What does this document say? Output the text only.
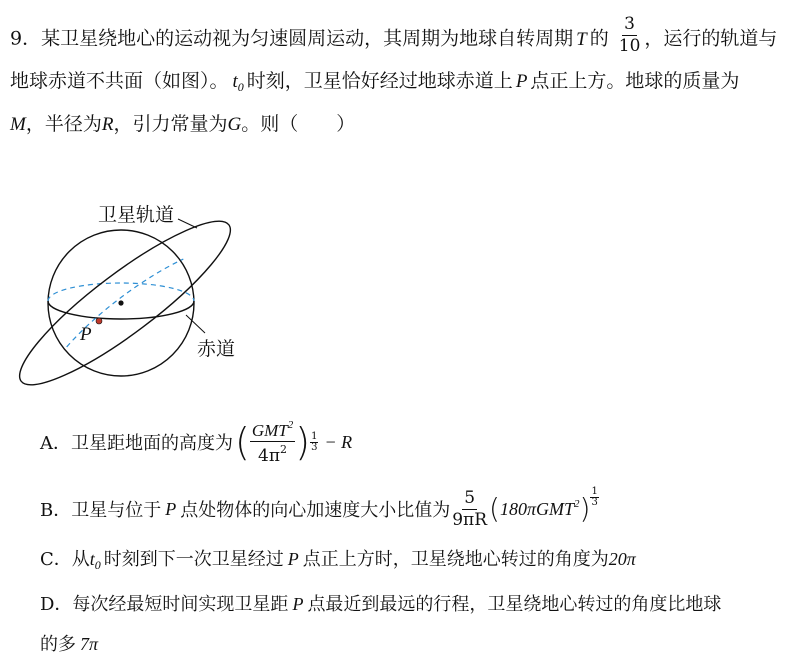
9．某卫星绕地心的运动视为匀速圆周运动，其周期为地球自转周期 T 的 $\frac{3}{10}$ ，运行的轨道与
地球赤道不共面（如图）。 $t_0$ 时刻，卫星恰好经过地球赤道上 P 点正上方。地球的质量为
M，半径为R，引力常量为G。则（　　）
卫星轨道
赤道
P
A．卫星距地面的高度为 ( $\frac{GMT^2}{4\pi^2}$ ) $\frac{1}{3} - R$
B．卫星与位于 P 点处物体的向心加速度大小比值为 $\frac{5}{9\pi R}$ ( 180πGMT$^2$ ) $\frac{1}{3}$
C．从$t_0$ 时刻到下一次卫星经过 P 点正上方时，卫星绕地心转过的角度为20π
D．每次经最短时间实现卫星距 P 点最近到最远的行程，卫星绕地心转过的角度比地球
的多 7π
